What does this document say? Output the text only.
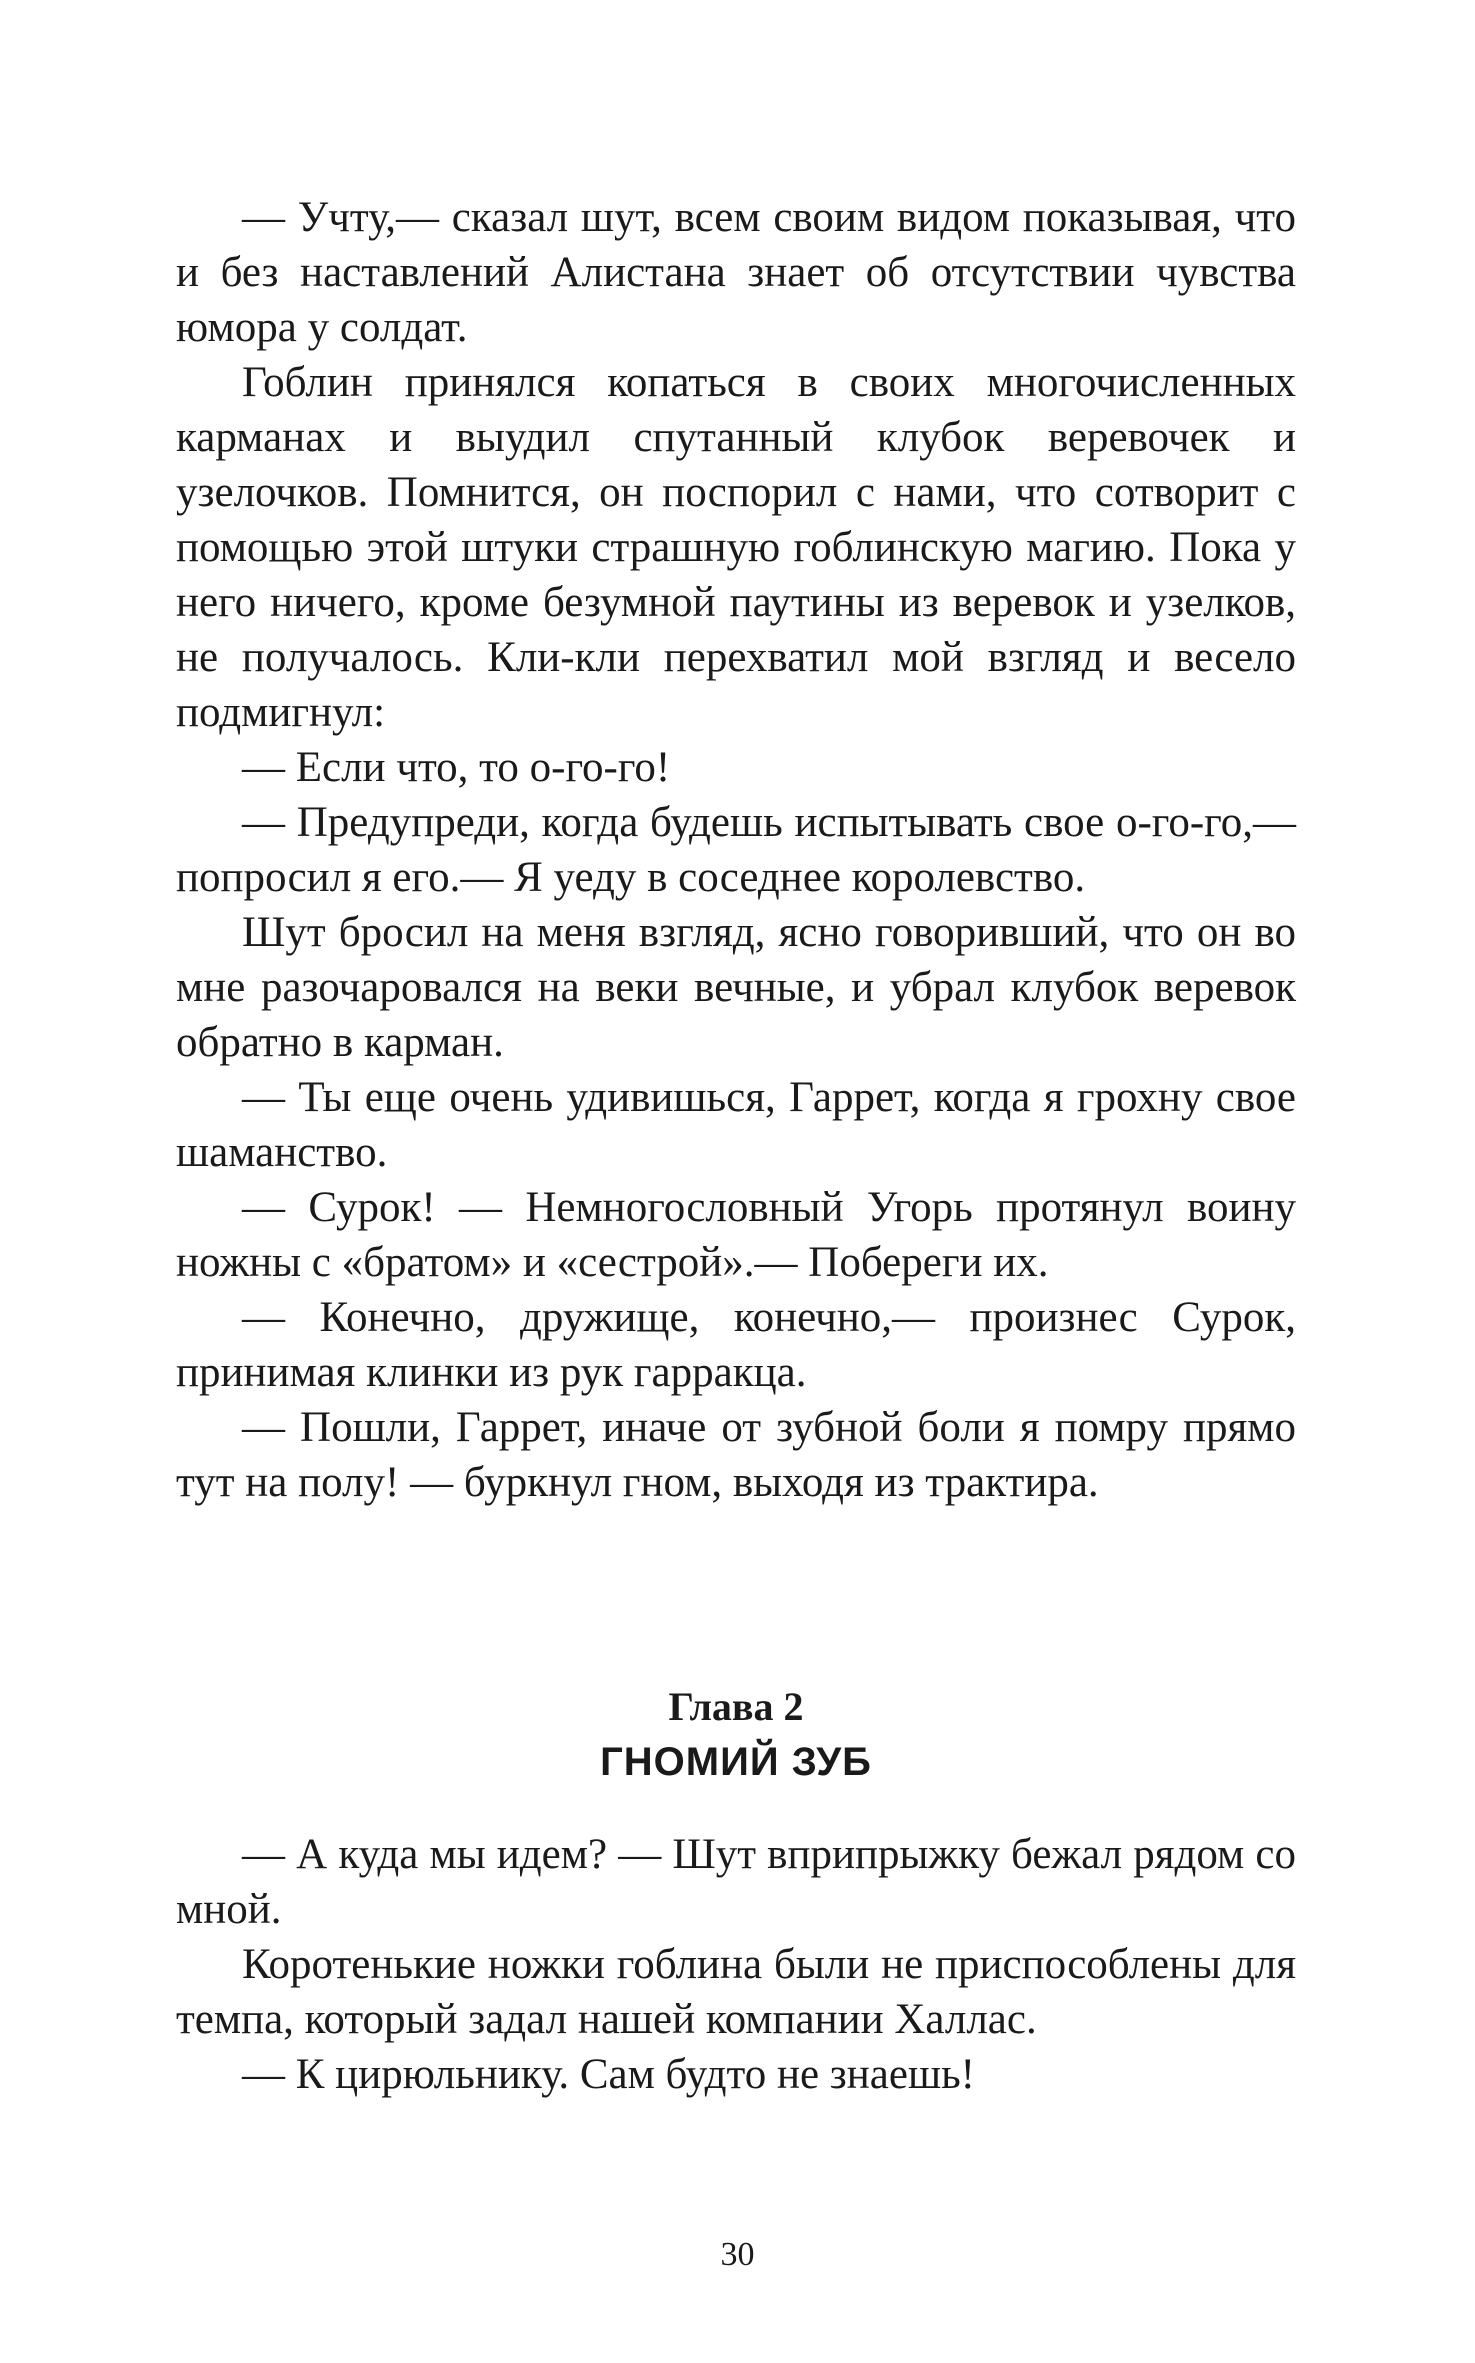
— Учту,— сказал шут, всем своим видом показывая, что и без наставлений Алистана знает об отсутствии чувства юмора у солдат.

Гоблин принялся копаться в своих многочисленных карманах и выудил спутанный клубок веревочек и узелочков. Помнится, он поспорил с нами, что сотворит с помощью этой штуки страшную гоблинскую магию. Пока у него ничего, кроме безумной паутины из веревок и узелков, не получалось. Кли-кли перехватил мой взгляд и весело подмигнул:

— Если что, то о-го-го!

— Предупреди, когда будешь испытывать свое о-го-го,— попросил я его.— Я уеду в соседнее королевство.

Шут бросил на меня взгляд, ясно говоривший, что он во мне разочаровался на веки вечные, и убрал клубок веревок обратно в карман.

— Ты еще очень удивишься, Гаррет, когда я грохну свое шаманство.

— Сурок! — Немногословный Угорь протянул воину ножны с «братом» и «сестрой».— Побереги их.

— Конечно, дружище, конечно,— произнес Сурок, принимая клинки из рук гарракца.

— Пошли, Гаррет, иначе от зубной боли я помру прямо тут на полу! — буркнул гном, выходя из трактира.

Глава 2
ГНОМИЙ ЗУБ

— А куда мы идем? — Шут вприпрыжку бежал рядом со мной.

Коротенькие ножки гоблина были не приспособлены для темпа, который задал нашей компании Халлас.

— К цирюльнику. Сам будто не знаешь!

30
